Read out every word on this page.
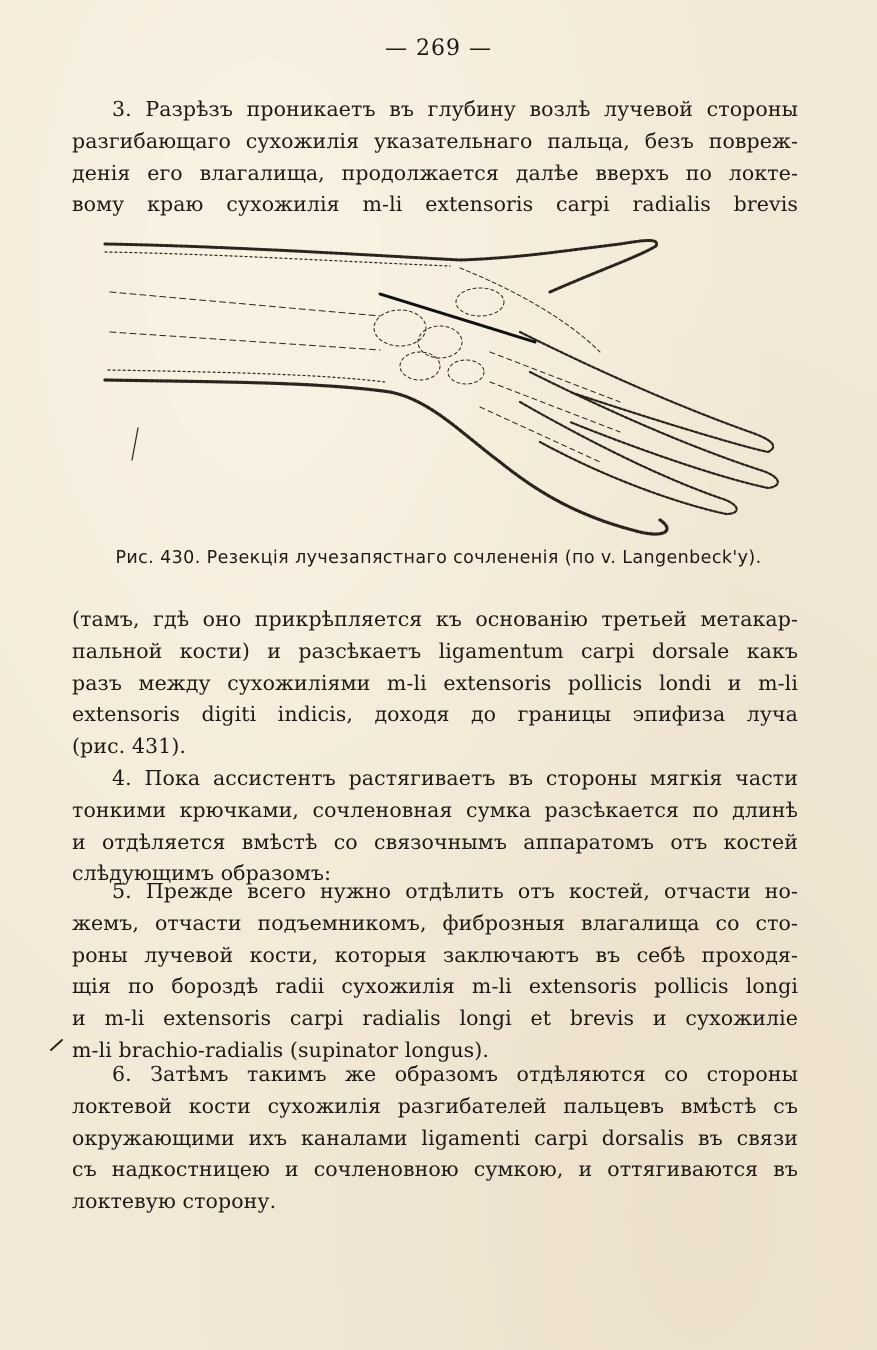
— 269 —
3. Разрѣзъ проникаетъ въ глубину возлѣ лучевой стороны
разгибающаго сухожилія указательнаго пальца, безъ повреж-
денія его влагалища, продолжается далѣе вверхъ по локте-
вому краю сухожилія m-li extensoris carpi radialis brevis
Рис. 430. Резекція лучезапястнаго сочлененія (по v. Langenbeck'у).
(тамъ, гдѣ оно прикрѣпляется къ основанію третьей метакар-
пальной кости) и разсѣкаетъ ligamentum carpi dorsale какъ
разъ между сухожиліями m-li extensoris pollicis londi и m-li
extensoris digiti indicis, доходя до границы эпифиза луча
(рис. 431).
4. Пока ассистентъ растягиваетъ въ стороны мягкія части
тонкими крючками, сочленовная сумка разсѣкается по длинѣ
и отдѣляется вмѣстѣ со связочнымъ аппаратомъ отъ костей
слѣдующимъ образомъ:
5. Прежде всего нужно отдѣлить отъ костей, отчасти но-
жемъ, отчасти подъемникомъ, фиброзныя влагалища со сто-
роны лучевой кости, которыя заключаютъ въ себѣ проходя-
щія по бороздѣ radii сухожилія m-li extensoris pollicis longi
и m-li extensoris carpi radialis longi et brevis и сухожиліе
m-li brachio-radialis (supinator longus).
6. Затѣмъ такимъ же образомъ отдѣляются со стороны
локтевой кости сухожилія разгибателей пальцевъ вмѣстѣ съ
окружающими ихъ каналами ligamenti carpi dorsalis въ связи
съ надкостницею и сочленовною сумкою, и оттягиваются въ
локтевую сторону.
